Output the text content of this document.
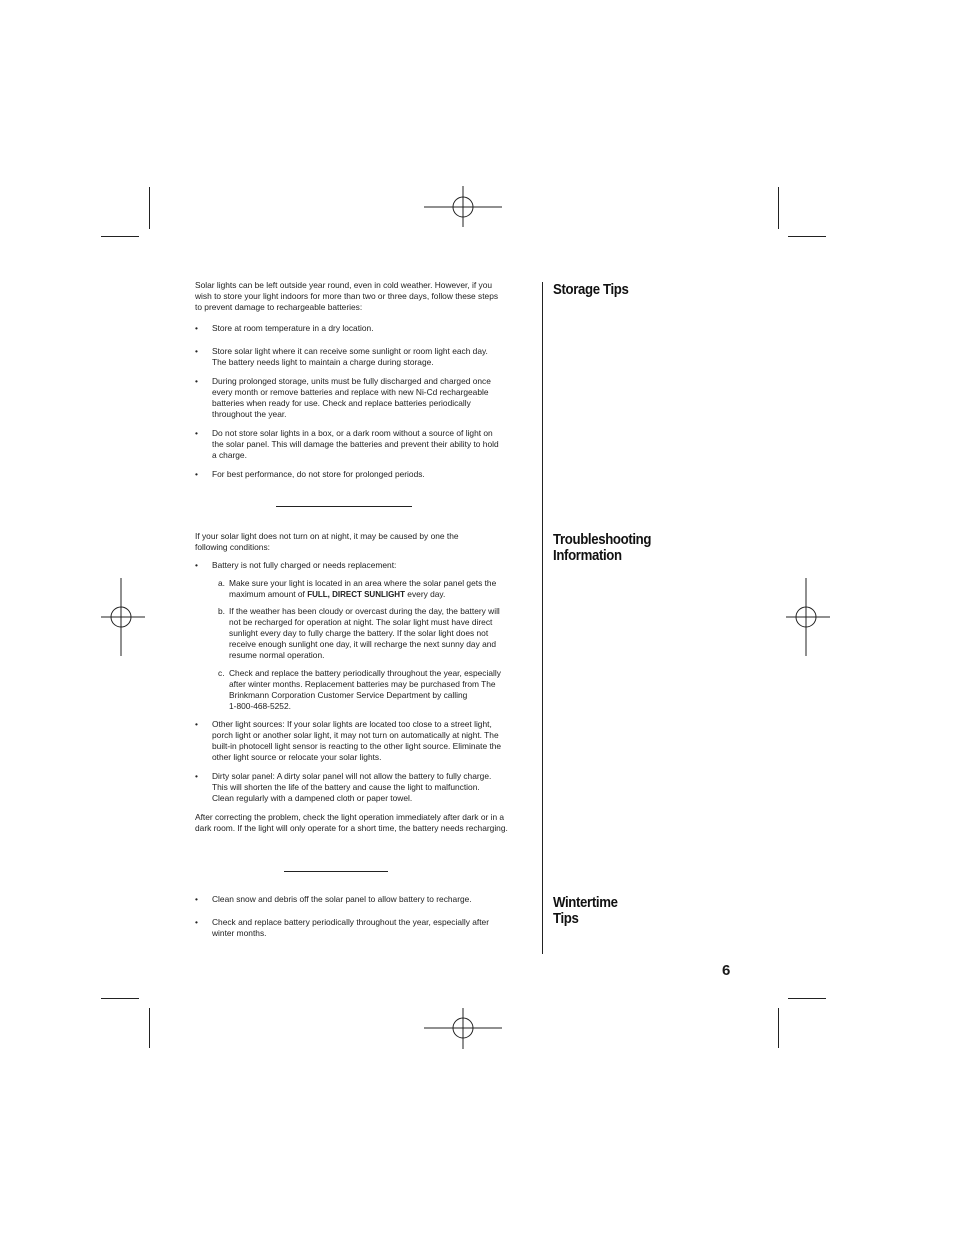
Storage Tips
Troubleshooting
Information
Wintertime
Tips
Solar lights can be left outside year round, even in cold weather. However, if you
wish to store your light indoors for more than two or three days, follow these steps
to prevent damage to rechargeable batteries:
• Store at room temperature in a dry location.
• Store solar light where it can receive some sunlight or room light each day.
The battery needs light to maintain a charge during storage.
• During prolonged storage, units must be fully discharged and charged once
every month or remove batteries and replace with new Ni-Cd rechargeable
batteries when ready for use. Check and replace batteries periodically
throughout the year.
• Do not store solar lights in a box, or a dark room without a source of light on
the solar panel. This will damage the batteries and prevent their ability to hold
a charge.
• For best performance, do not store for prolonged periods.
If your solar light does not turn on at night, it may be caused by one the
following conditions:
• Battery is not fully charged or needs replacement:
a. Make sure your light is located in an area where the solar panel gets the
maximum amount of FULL, DIRECT SUNLIGHT every day.
b. If the weather has been cloudy or overcast during the day, the battery will
not be recharged for operation at night. The solar light must have direct
sunlight every day to fully charge the battery. If the solar light does not
receive enough sunlight one day, it will recharge the next sunny day and
resume normal operation.
c. Check and replace the battery periodically throughout the year, especially
after winter months. Replacement batteries may be purchased from The
Brinkmann Corporation Customer Service Department by calling
1-800-468-5252.
• Other light sources: If your solar lights are located too close to a street light,
porch light or another solar light, it may not turn on automatically at night. The
built-in photocell light sensor is reacting to the other light source. Eliminate the
other light source or relocate your solar lights.
• Dirty solar panel: A dirty solar panel will not allow the battery to fully charge.
This will shorten the life of the battery and cause the light to malfunction.
Clean regularly with a dampened cloth or paper towel.
After correcting the problem, check the light operation immediately after dark or in a
dark room. If the light will only operate for a short time, the battery needs recharging.
• Clean snow and debris off the solar panel to allow battery to recharge.
• Check and replace battery periodically throughout the year, especially after
winter months.
6
